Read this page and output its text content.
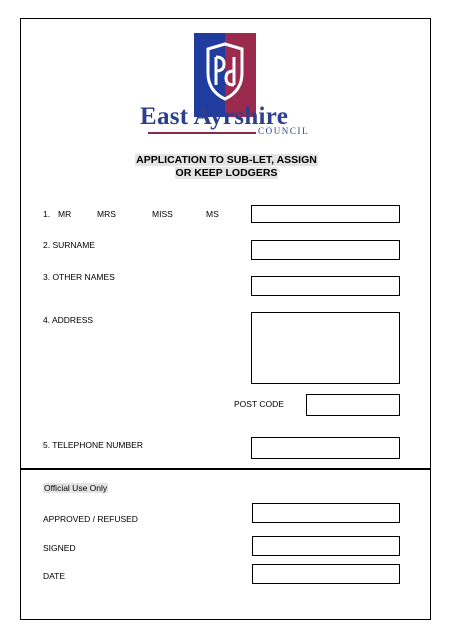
East Ayrshire
COUNCIL
APPLICATION TO SUB-LET, ASSIGN
OR KEEP LODGERS
1. MR	MRS	MISS	MS
2. SURNAME
3. OTHER NAMES
4. ADDRESS
POST CODE
5. TELEPHONE NUMBER
Official Use Only
APPROVED / REFUSED
SIGNED
DATE
